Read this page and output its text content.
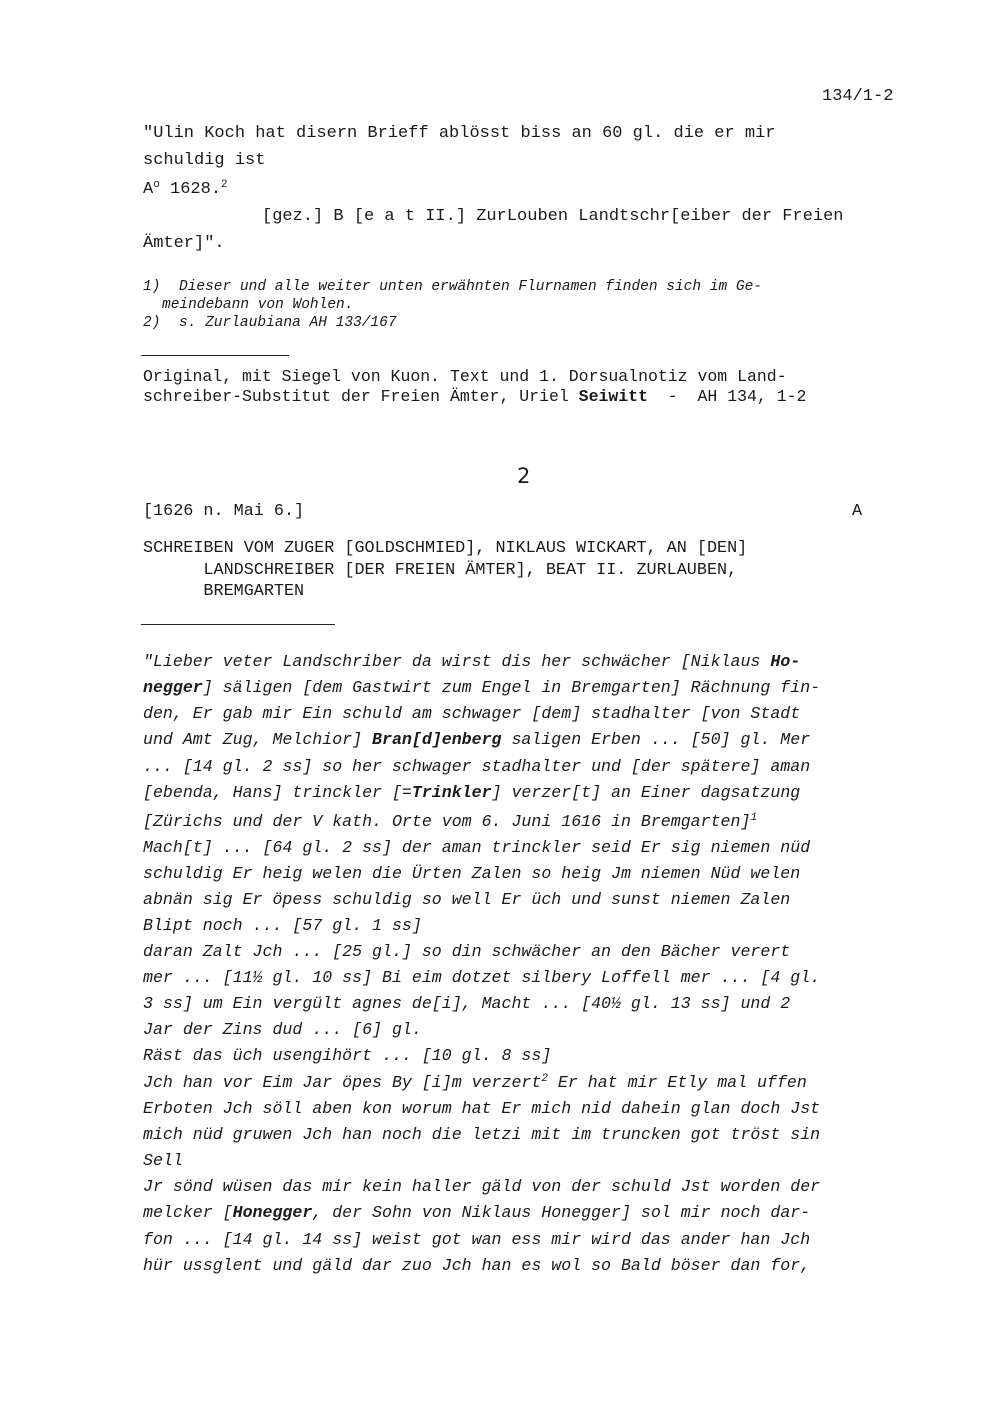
134/1-2
"Ulin Koch hat disern Brieff ablösst biss an 60 gl. die er mir
schuldig ist
$A^o$ 1628.$^2$
[gez.] B [e a t II.] ZurLouben Landtschr[eiber der Freien
Ämter]".
1) Dieser und alle weiter unten erwähnten Flurnamen finden sich im Ge-
meindebann von Wohlen.
2) s. Zurlaubiana AH 133/167
Original, mit Siegel von Kuon. Text und 1. Dorsualnotiz vom Land-
schreiber-Substitut der Freien Ämter, Uriel Seiwitt  -  AH 134, 1-2
2
[1626 n. Mai 6.]	A
SCHREIBEN VOM ZUGER [GOLDSCHMIED], NIKLAUS WICKART, AN [DEN]
LANDSCHREIBER [DER FREIEN ÄMTER], BEAT II. ZURLAUBEN,
BREMGARTEN
"Lieber veter Landschriber da wirst dis her schwächer [Niklaus Ho-
negger] säligen [dem Gastwirt zum Engel in Bremgarten] Rächnung fin-
den, Er gab mir Ein schuld am schwager [dem] stadhalter [von Stadt
und Amt Zug, Melchior] Bran[d]enberg saligen Erben ... [50] gl. Mer
... [14 gl. 2 ss] so her schwager stadhalter und [der spätere] aman
[ebenda, Hans] trinckler [=Trinkler] verzer[t] an Einer dagsatzung
[Zürichs und der V kath. Orte vom 6. Juni 1616 in Bremgarten]$^1$
Mach[t] ... [64 gl. 2 ss] der aman trinckler seid Er sig niemen nüd
schuldig Er heig welen die Ürten Zalen so heig Jm niemen Nüd welen
abnän sig Er öpess schuldig so well Er üch und sunst niemen Zalen
Blipt noch ... [57 gl. 1 ss]
daran Zalt Jch ... [25 gl.] so din schwächer an den Bächer verert
mer ... [11½ gl. 10 ss] Bi eim dotzet silbery Loffell mer ... [4 gl.
3 ss] um Ein vergült agnes de[i], Macht ... [40½ gl. 13 ss] und 2
Jar der Zins dud ... [6] gl.
Räst das üch usengihört ... [10 gl. 8 ss]
Jch han vor Eim Jar öpes By [i]m verzert$^2$ Er hat mir Etly mal uffen
Erboten Jch söll aben kon worum hat Er mich nid dahein glan doch Jst
mich nüd gruwen Jch han noch die letzi mit im truncken got tröst sin
Sell
Jr sönd wüsen das mir kein haller gäld von der schuld Jst worden der
melcker [Honegger, der Sohn von Niklaus Honegger] sol mir noch dar-
fon ... [14 gl. 14 ss] weist got wan ess mir wird das ander han Jch
hür ussglent und gäld dar zuo Jch han es wol so Bald böser dan for,
